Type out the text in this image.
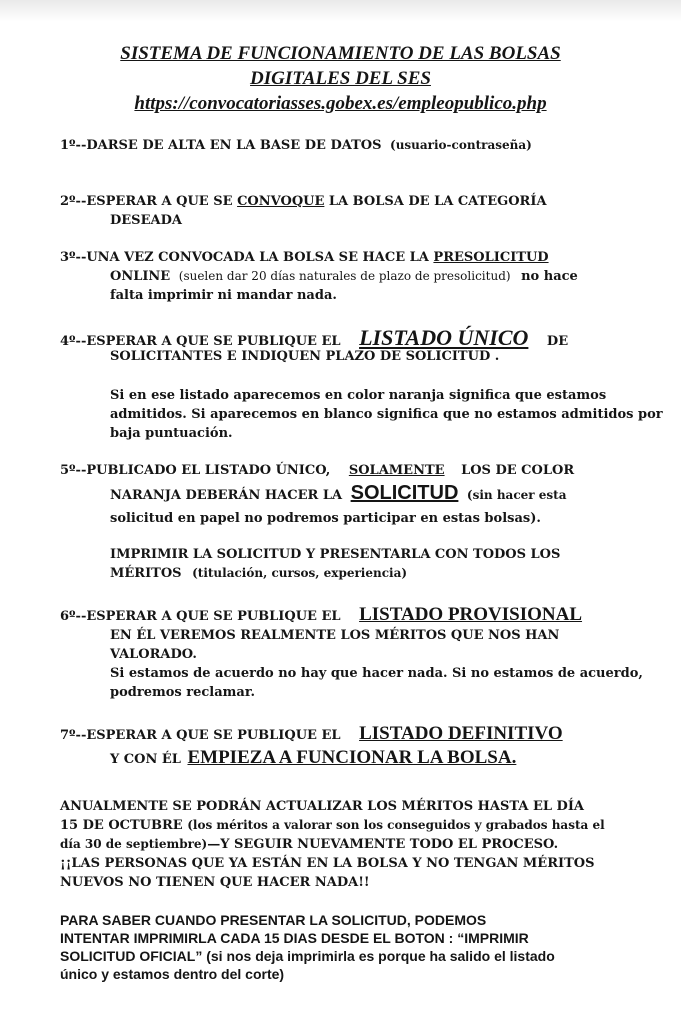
SISTEMA DE FUNCIONAMIENTO DE LAS BOLSAS
DIGITALES DEL SES
https://convocatoriasses.gobex.es/empleopublico.php
1º--DARSE DE ALTA EN LA BASE DE DATOS (usuario-contraseña)
2º--ESPERAR A QUE SE CONVOQUE LA BOLSA DE LA CATEGORÍA
DESEADA
3º--UNA VEZ CONVOCADA LA BOLSA SE HACE LA PRESOLICITUD
ONLINE (suelen dar 20 días naturales de plazo de presolicitud) no hace
falta imprimir ni mandar nada.
4º--ESPERAR A QUE SE PUBLIQUE EL LISTADO ÚNICO DE
SOLICITANTES E INDIQUEN PLAZO DE SOLICITUD .
Si en ese listado aparecemos en color naranja significa que estamos
admitidos. Si aparecemos en blanco significa que no estamos admitidos por
baja puntuación.
5º--PUBLICADO EL LISTADO ÚNICO, SOLAMENTE LOS DE COLOR
NARANJA DEBERÁN HACER LA SOLICITUD (sin hacer esta
solicitud en papel no podremos participar en estas bolsas).
IMPRIMIR LA SOLICITUD Y PRESENTARLA CON TODOS LOS
MÉRITOS (titulación, cursos, experiencia)
6º--ESPERAR A QUE SE PUBLIQUE EL LISTADO PROVISIONAL
EN ÉL VEREMOS REALMENTE LOS MÉRITOS QUE NOS HAN
VALORADO.
Si estamos de acuerdo no hay que hacer nada. Si no estamos de acuerdo,
podremos reclamar.
7º--ESPERAR A QUE SE PUBLIQUE EL LISTADO DEFINITIVO
Y CON ÉL EMPIEZA A FUNCIONAR LA BOLSA.
ANUALMENTE SE PODRÁN ACTUALIZAR LOS MÉRITOS HASTA EL DÍA
15 DE OCTUBRE (los méritos a valorar son los conseguidos y grabados hasta el
día 30 de septiembre)—Y SEGUIR NUEVAMENTE TODO EL PROCESO.
¡¡LAS PERSONAS QUE YA ESTÁN EN LA BOLSA Y NO TENGAN MÉRITOS
NUEVOS NO TIENEN QUE HACER NADA!!
PARA SABER CUANDO PRESENTAR LA SOLICITUD, PODEMOS
INTENTAR IMPRIMIRLA CADA 15 DIAS DESDE EL BOTON : “IMPRIMIR
SOLICITUD OFICIAL” (si nos deja imprimirla es porque ha salido el listado
único y estamos dentro del corte)
